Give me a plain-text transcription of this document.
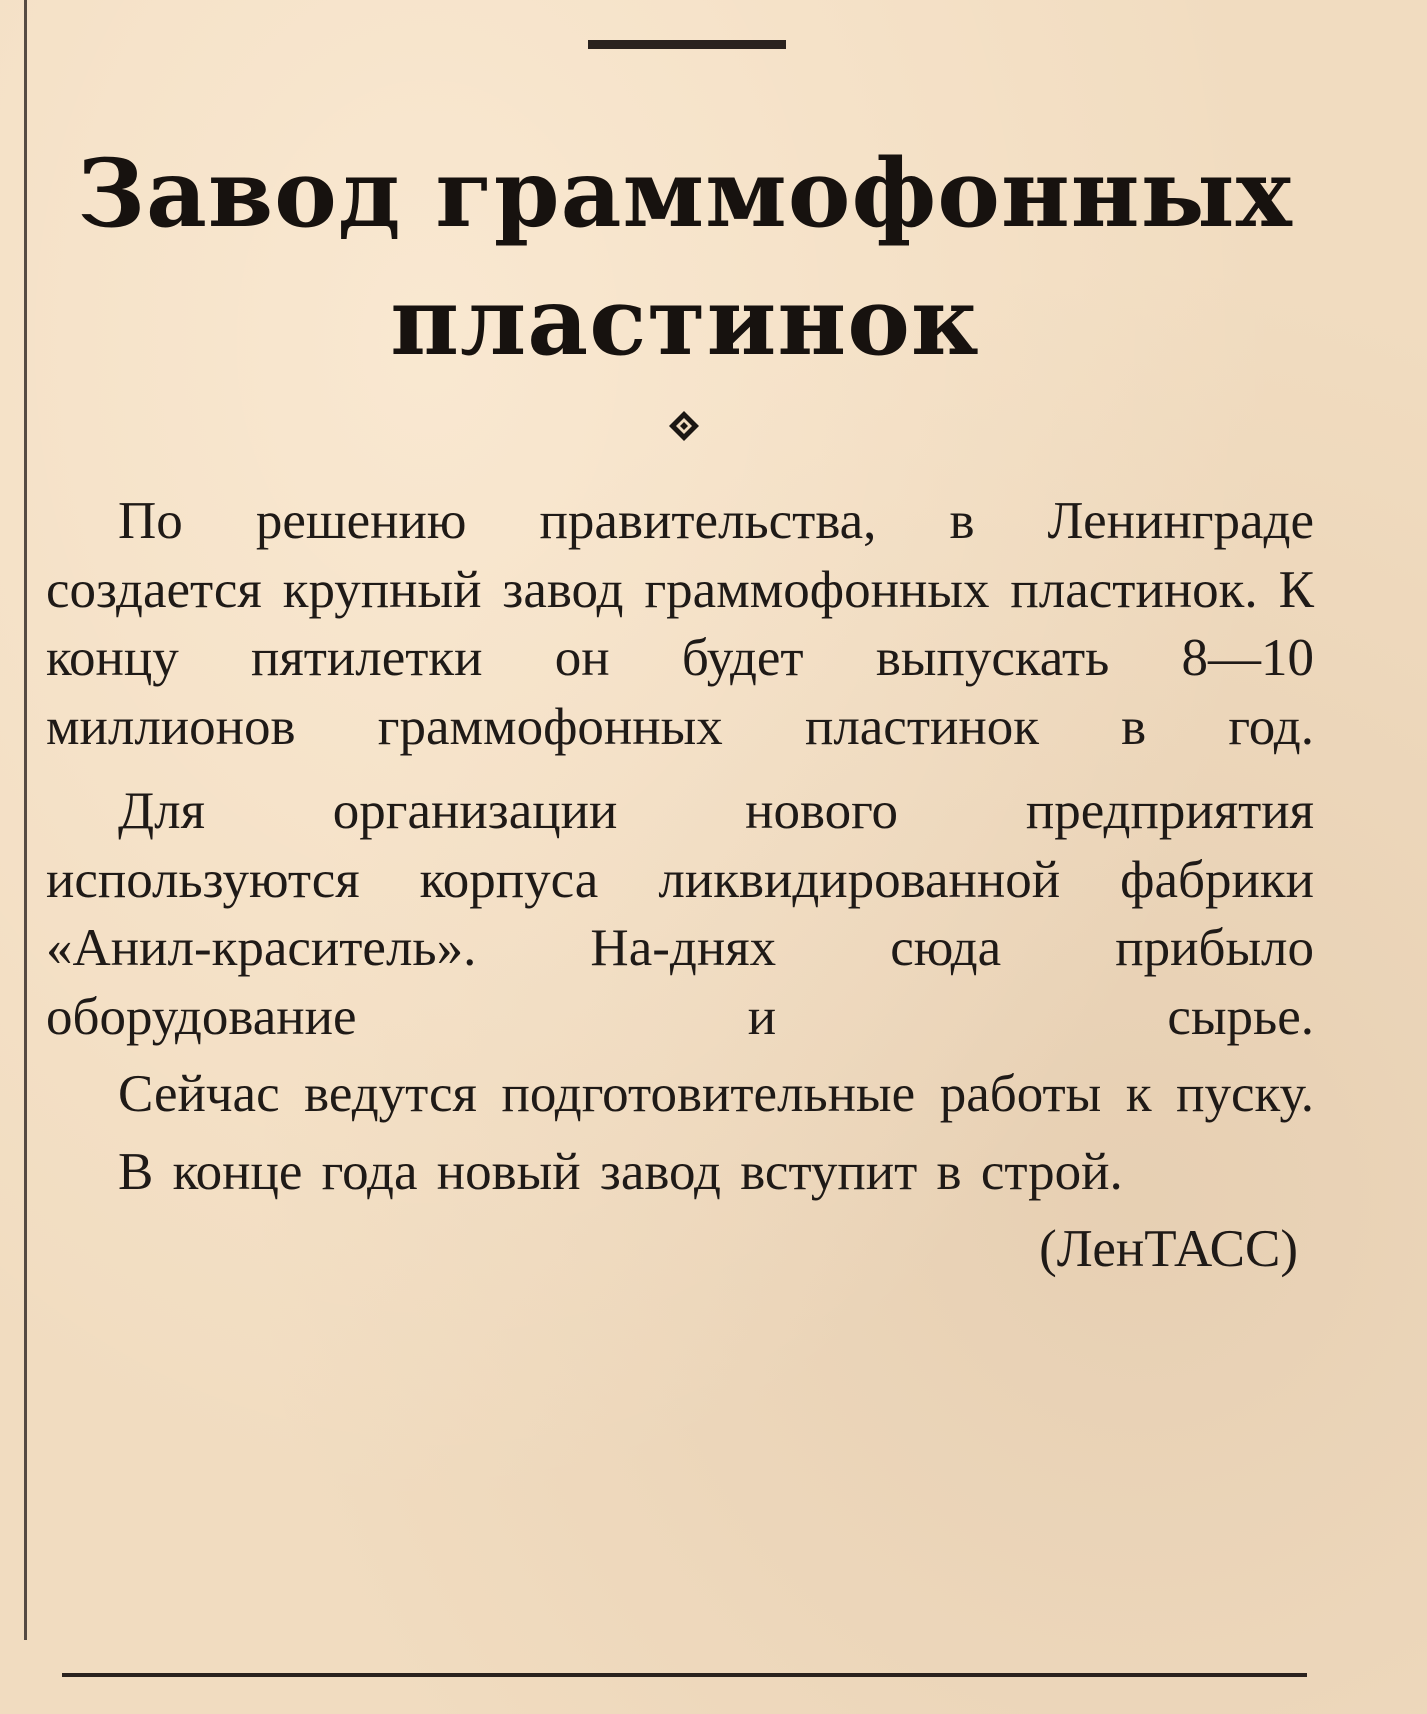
Завод граммофонных
пластинок

По решению правительства, в Ленинграде создается крупный завод граммофонных пластинок. К концу пятилетки он будет выпускать 8—10 миллионов граммофонных пластинок в год.

Для организации нового предприятия используются корпуса ликвидированной фабрики «Анил-краситель». На-днях сюда прибыло оборудование и сырье.

Сейчас ведутся подготовительные работы к пуску.

В конце года новый завод вступит в строй.

(ЛенТАСС)
